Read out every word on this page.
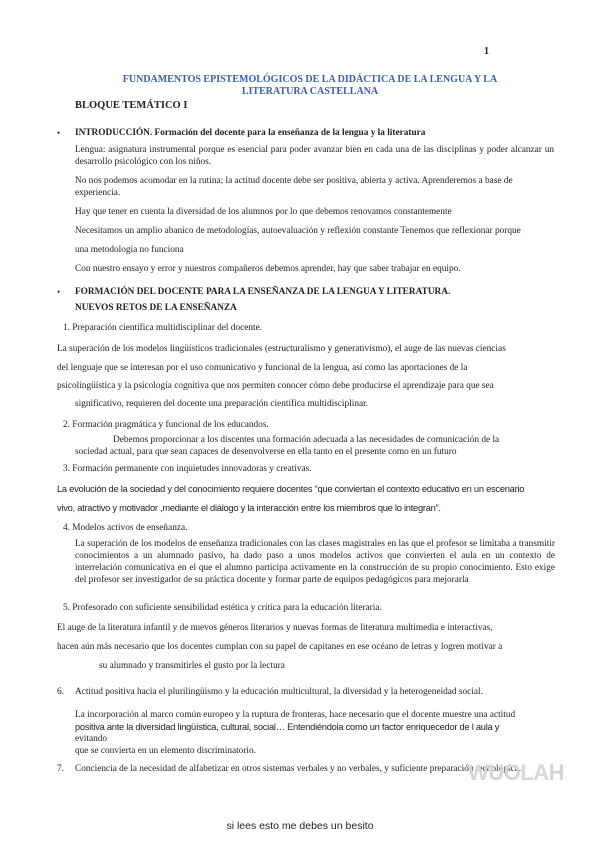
1
FUNDAMENTOS EPISTEMOLÓGICOS DE LA DIDÁCTICA DE LA LENGUA Y LA
LITERATURA CASTELLANA
BLOQUE TEMÁTICO I
• INTRODUCCIÓN. Formación del docente para la enseñanza de la lengua y la literatura
Lengua: asignatura instrumental porque es esencial para poder avanzar bien en cada una de las disciplinas y poder alcanzar un desarrollo psicológico con los niños.
No nos podemos acomodar en la rutina; la actitud docente debe ser positiva, abierta y activa. Aprenderemos a base de experiencia.
Hay que tener en cuenta la diversidad de los alumnos por lo que debemos renovamos constantemente
Necesitamos un amplio abanico de metodologías, autoevaluación y reflexión constante Tenemos que reflexionar porque
una metodología no funciona
Con nuestro ensayo y error y nuestros compañeros debemos aprender, hay que saber trabajar en equipo.
• FORMACIÓN DEL DOCENTE PARA LA ENSEÑANZA DE LA LENGUA Y LITERATURA.
NUEVOS RETOS DE LA ENSEÑANZA
1. Preparación científica multidisciplinar del docente.
La superación de los modelos lingüísticos tradicionales (estructuralismo y generativismo), el auge de las nuevas ciencias
del lenguaje que se interesan por el uso comunicativo y funcional de la lengua, así como las aportaciones de la
psicolingüística y la psicología cognitiva que nos permiten conocer cómo debe producirse el aprendizaje para que sea
significativo, requieren del docente una preparación científica multidisciplinar.
2. Formación pragmática y funcional de los educandos.
Debemos proporcionar a los discentes una formación adecuada a las necesidades de comunicación de la
sociedad actual, para que sean capaces de desenvolverse en ella tanto en el presente como en un futuro
3. Formación permanente con inquietudes innovadoras y creativas.
La evolución de la sociedad y del conocimiento requiere docentes “que conviertan el contexto educativo en un escenario
vivo, atractivo y motivador ,mediante el diálogo y la interacción entre los miembros que lo integran”.
4. Modelos activos de enseñanza.
La superación de los modelos de enseñanza tradicionales con las clases magistrales en las que el profesor se limitaba a transmitir conocimientos a un alumnado pasivo, ha dado paso a unos modelos activos que convierten el aula en un contexto de interrelación comunicativa en el que el alumno participa activamente en la construcción de su propio conocimiento. Esto exige del profesor ser investigador de su práctica docente y formar parte de equipos pedagógicos para mejorarla
5. Profesorado con suficiente sensibilidad estética y crítica para la educación literaria.
El auge de la literatura infantil y de nuevos géneros literarios y nuevas formas de literatura multimedia e interactivas,
hacen aún más necesario que los docentes cumplan con su papel de capitanes en ese océano de letras y logren motivar a
su alumnado y transmitirles el gusto por la lectura
6. Actitud positiva hacia el plurilingüismo y la educación multicultural, la diversidad y la heterogeneidad social.
La incorporación al marco común europeo y la ruptura de fronteras, hace necesario que el docente muestre una actitud
positiva ante la diversidad lingüística, cultural, social… Entendiéndola como un factor enriquecedor de l aula y
evitando
que se convierta en un elemento discriminatorio.
7. Conciencia de la necesidad de alfabetizar en otros sistemas verbales y no verbales, y suficiente preparación tecnológica.
WUOLAH
si lees esto me debes un besito
